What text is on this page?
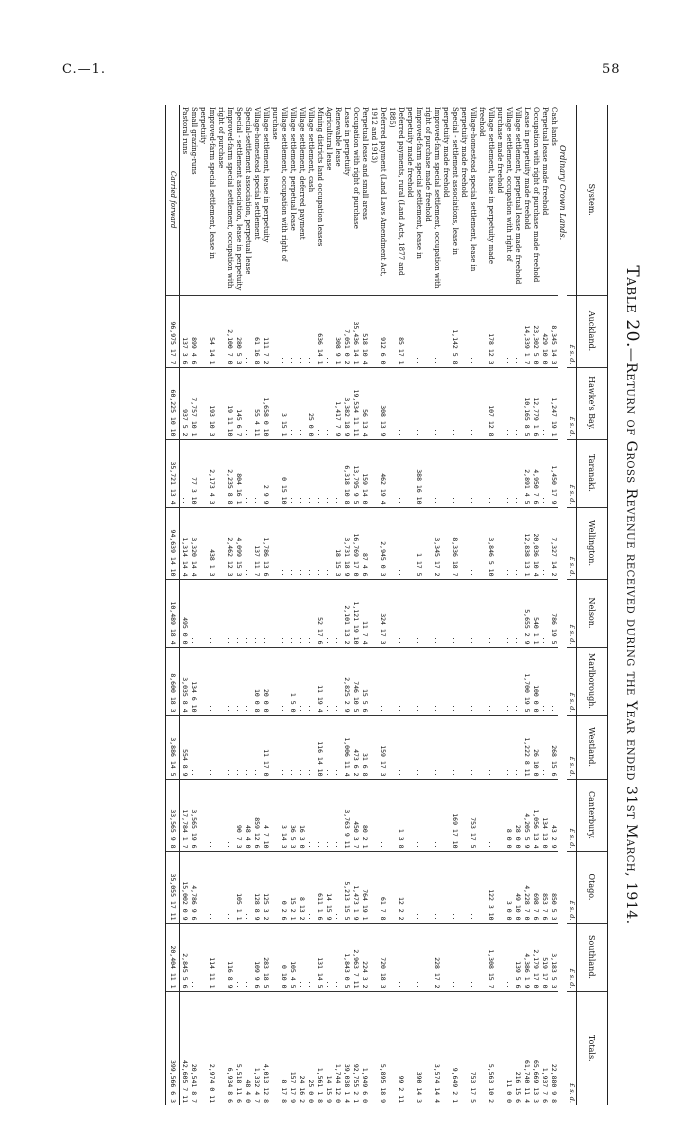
C.—1.	58
Table 20.—Return of Gross Revenue received during the Year ended 31st March, 1914.
System.	Auckland.	Hawke's Bay.	Taranaki.	Wellington.	Nelson.	Marlborough.	Westland.	Canterbury.	Otago.	Southland.	Totals.
	£ s. d.	£ s. d.	£ s. d.	£ s. d.	£ s. d.	£ s. d.	£ s. d.	£ s. d.	£ s. d.	£ s. d.	£ s. d.
Ordinary Crown Lands.											
Cash lands	8,345 14 3	1,247 19 1	1,450 17 9	7,327 14 2	786 19 5	..	268 15 6	43 2 9	850 5 3	3,183 5 3	22,880 9 8
Perpetual lease made freehold	429 10 0	..	..	..	..	..	..	134 13 0	853 7 6	519 17 0	1,937 7 6
Occupation with right of purchase made freehold	23,302 5 0	12,779 1 6	4,950 7 6	20,036 10 4	540 1 1	100 0 0	26 10 0	1,056 13 4	698 7 6	2,179 17 0	65,669 13 3
Lease in perpetuity made freehold	14,339 1 7	10,165 8 5	2,891 4 5	12,838 13 1	5,655 2 9	1,700 19 5	1,222 8 11	4,205 5 9	4,228 7 0	4,386 1 9	61,740 11 4
Village settlement, perpetual lease made freehold	..	..	..	..	..	..	..	28 0 0	49 10 0	139 5 6	216 15 6
Village settlement, occupation with right of purchase made freehold	..	..	..	..	..	..	..	8 0 0	3 0 0	..	11 0 0
Village settlement, lease in perpetuity made freehold	178 12 3	107 12 8	..	3,846 5 10	..	..	..	..	122 3 10	1,308 15 7	5,563 10 2
Village-homestead special settlement, lease in perpetuity made freehold	..	..	..	..	..	..	..	753 17 5	..	..	753 17 5
Special - settlement associations, lease in perpetuity made freehold	1,142 5 8	..	..	8,336 18 7	..	..	..	169 17 10	..	..	9,649 2 1
Improved-farm special settlement, occupation with right of purchase made freehold	..	..	..	3,345 17 2	..	..	..	..	..	228 17 2	3,574 14 4
Improved-farm special settlement, lease in perpetuity made freehold	..	..	388 16 10	1 17 5	..	..	..	..	..	..	390 14 3
Deferred payments, rural (Land Acts, 1877 and 1885)	85 17 1	..	..	..	..	..	..	1 3 8	12 2 2	..	99 2 11
Deferred payment (Land Laws Amendment Act, 1912 and 1913)	912 6 0	308 13 9	462 19 4	2,945 0 3	324 17 3	..	159 17 3	..	61 7 8	720 18 3	5,895 18 9
Perpetual lease and small areas	518 10 4	56 13 4	159 14 0	87 4 6	11 7 4	15 5 6	31 6 8	80 2 1	764 19 1	224 3 2	1,949 6 0
Occupation with right of purchase	35,436 14 1	19,534 11 11	13,795 9 5	16,769 17 0	1,121 19 10	746 10 5	473 6 2	450 3 7	1,473 1 9	2,963 7 11	92,755 2 1
Lease in perpetuity	7,051 0 2	3,382 18 9	6,318 10 8	3,731 18 9	2,101 13 2	2,825 2 9	1,006 11 4	3,763 9 11	5,213 15 5	1,843 0 5	39,038 1 4
Renewable lease	308 9 1	1,417 7 9	..	18 15 3	..	..	..	..	..	..	1,744 12 0
Agricultural lease	..	..	..	..	..	..	..	..	14 15 9	..	14 15 9
Mining districts land occupation leases	636 14 1	..	..	..	52 17 6	11 19 4	116 14 10	..	611 1 6	131 14 5	1,561 1 8
Village settlement, cash	..	25 0 0	..	..	..	..	..	..	..	..	25 0 0
Village settlement, deferred payment	..	..	..	..	..	..	..	16 3 0	8 13 2	..	24 16 2
Village settlement, perpetual lease	..	..	..	..	..	1 5 0	..	36 5 3	15 2 1	105 4 5	157 17 9
Village settlement, occupation with right of purchase	..	3 15 1	0 15 10	..	..	..	..	3 14 3	0 2 6	0 10 0	8 17 8
Village settlement, lease in perpetuity	111 7 2	1,658 0 10	2 9 9	1,786 13 6	..	20 0 0	11 17 0	4 7 10	125 3 2	283 18 5	4,013 12 8
Village-homestead special settlement	61 16 8	55 4 11	..	137 11 7	..	10 0 8	..	859 12 6	128 8 9	109 9 6	1,332 4 7
Special-settlement association, perpetual lease	..	..	..	..	..	..	..	48 4 0	..	..	48 4 0
Special - settlement association, lease in perpetuity	280 5 3	145 6 7	804 16 1	4,099 15 3	..	..	..	90 7 3	105 1 1	..	5,518 11 6
Improved-farm special settlement, occupation with right of purchase	2,100 7 0	19 11 10	2,235 8 8	2,462 12 3	..	..	..	..	..	116 8 9	6,934 8 6
Improved-farm special settlement, lease in perpetuity	54 14 1	193 10 3	2,173 4 3	438 1 3	..	..	..	..	..	114 11 1	2,974 0 11
Small grazing-runs	899 4 6	7,757 10 1	77 3 10	3,320 14 4	..	134 6 10	..	3,565 19 6	4,786 9 6	..	20,541 8 7
Pastoral runs	137 3 6	937 5 2	..	1,314 14 4	495 0 0	3,035 8 4	554 8 9	17,784 1 7	15,002 0 9	2,845 5 6	42,605 7 11
Carried forward	96,975 17 7	60,225 10 10	35,721 13 4	94,639 14 10	10,489 18 4	8,600 18 3	3,886 14 5	33,565 9 8	35,055 17 11	20,404 11 1	399,566 6 3
